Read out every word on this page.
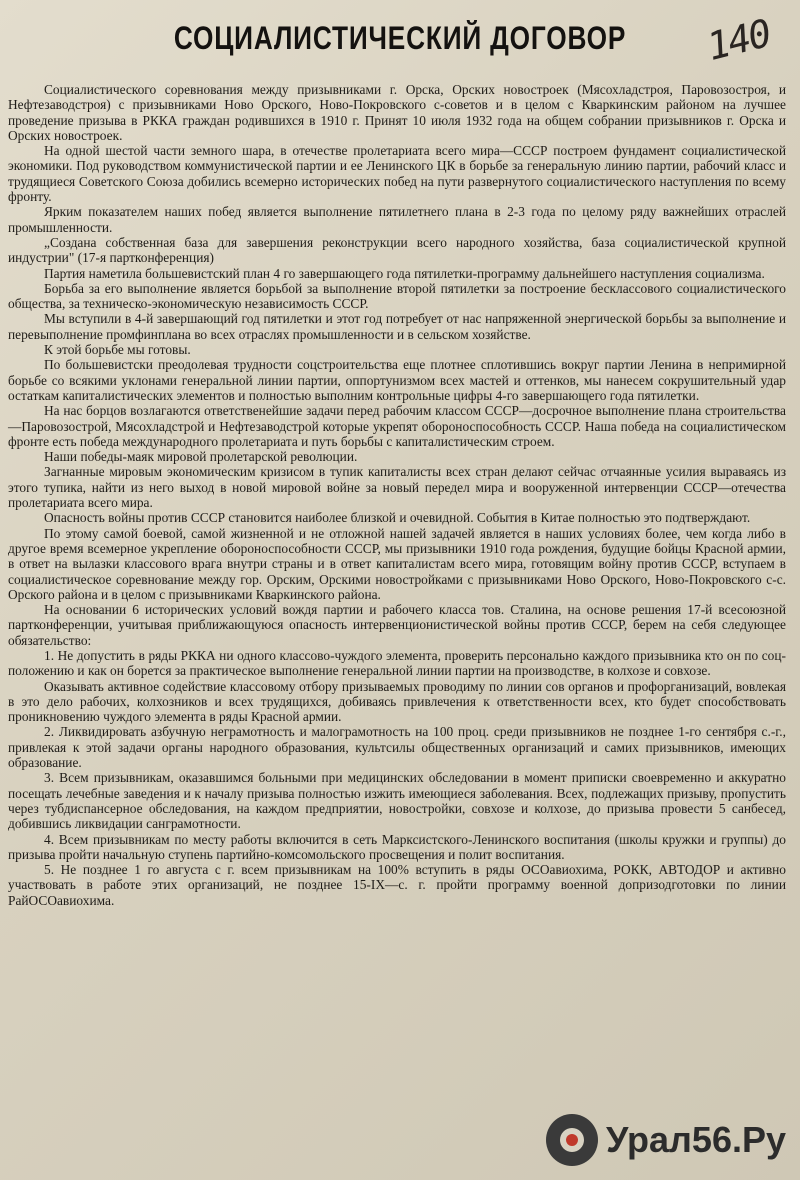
СОЦИАЛИСТИЧЕСКИЙ ДОГОВОР	140

Социалистического соревнования между призывниками г. Орска, Орских новостроек (Мясохладстроя, Паровозостроя, и Нефтезаводстроя) с призывниками Ново Орского, Ново-Покровского с-советов и в целом с Кваркинским районом на лучшее проведение призыва в РККА граждан родившихся в 1910 г. Принят 10 июля 1932 года на общем собрании призывников г. Орска и Орских новостроек.

На одной шестой части земного шара, в отечестве пролетариата всего мира—СССР построем фундамент социалистической экономики. Под руководством коммунистической партии и ее Ленинского ЦК в борьбе за генеральную линию партии, рабочий класс и трудящиеся Советского Союза добились всемерно исторических побед на пути развернутого социалистического наступления по всему фронту.

Ярким показателем наших побед является выполнение пятилетнего плана в 2-3 года по целому ряду важнейших отраслей промышленности.

„Создана собственная база для завершения реконструкции всего народного хозяйства, база социалистической крупной индустрии" (17-я партконференция)

Партия наметила большевистский план 4 го завершающего года пятилетки-программу дальнейшего наступления социализма.

Борьба за его выполнение является борьбой за выполнение второй пятилетки за построение бесклассового социалистического общества, за техническо-экономическую независимость СССР.

Мы вступили в 4-й завершающий год пятилетки и этот год потребует от нас напряженной энергической борьбы за выполнение и перевыполнение промфинплана во всех отраслях промышленности и в сельском хозяйстве.

К этой борьбе мы готовы.

По большевистски преодолевая трудности соцстроительства еще плотнее сплотившись вокруг партии Ленина в непримирной борьбе со всякими уклонами генеральной линии партии, оппортунизмом всех мастей и оттенков, мы нанесем сокрушительный удар остаткам капиталистических элементов и полностью выполним контрольные цифры 4-го завершающего года пятилетки.

На нас борцов возлагаются ответственейшие задачи перед рабочим классом СССР—досрочное выполнение плана строительства—Паровозострой, Мясохладстрой и Нефтезаводстрой которые укрепят обороноспособность СССР. Наша победа на социалистическом фронте есть победа международного пролетариата и путь борьбы с капиталистическим строем.

Наши победы-маяк мировой пролетарской революции.

Загнанные мировым экономическим кризисом в тупик капиталисты всех стран делают сейчас отчаянные усилия выраваясь из этого тупика, найти из него выход в новой мировой войне за новый передел мира и вооруженной интервенции СССР—отечества пролетариата всего мира.

Опасность войны против СССР становится наиболее близкой и очевидной. События в Китае полностью это подтверждают.

По этому самой боевой, самой жизненной и не отложной нашей задачей является в наших условиях более, чем когда либо в другое время всемерное укрепление обороноспособности СССР, мы призывники 1910 года рождения, будущие бойцы Красной армии, в ответ на вылазки классового врага внутри страны и в ответ капиталистам всего мира, готовящим войну против СССР, вступаем в социалистическое соревнование между гор. Орским, Орскими новостройками с призывниками Ново Орского, Ново-Покровского с-с. Орского района и в целом с призывниками Кваркинского района.

На основании 6 исторических условий вождя партии и рабочего класса тов. Сталина, на основе решения 17-й всесоюзной партконференции, учитывая приближающуюся опасность интервенционистической войны против СССР, берем на себя следующее обязательство:

1. Не допустить в ряды РККА ни одного классово-чуждого элемента, проверить персонально каждого призывника кто он по соц-положению и как он борется за практическое выполнение генеральной линии партии на производстве, в колхозе и совхозе.

Оказывать активное содействие классовому отбору призываемых проводиму по линии сов органов и профорганизаций, вовлекая в это дело рабочих, колхозников и всех трудящихся, добиваясь привлечения к ответственности всех, кто будет способствовать проникновению чуждого элемента в ряды Красной армии.

2. Ликвидировать азбучную неграмотность и малограмотность на 100 проц. среди призывников не позднее 1-го сентября с.-г., привлекая к этой задачи органы народного образования, культсилы общественных организаций и самих призывников, имеющих образование.

3. Всем призывникам, оказавшимся больными при медицинских обследовании в момент приписки своевременно и аккуратно посещать лечебные заведения и к началу призыва полностью изжить имеющиеся заболевания. Всех, подлежащих призыву, пропустить через тубдиспансерное обследования, на каждом предприятии, новостройки, совхозе и колхозе, до призыва провести 5 санбесед, добившись ликвидации санграмотности.

4. Всем призывникам по месту работы включится в сеть Марксистского-Ленинского воспитания (школы кружки и группы) до призыва пройти начальную ступень партийно-комсомольского просвещения и полит воспитания.

5. Не позднее 1 го августа с г. всем призывникам на 100% вступить в ряды ОСОавиохима, РОКК, АВТОДОР и активно участвовать в работе этих организаций, не позднее 15-IX—с. г. пройти программу военной допризодготовки по линии РайОСОавиохима.

Урал56.Ру
